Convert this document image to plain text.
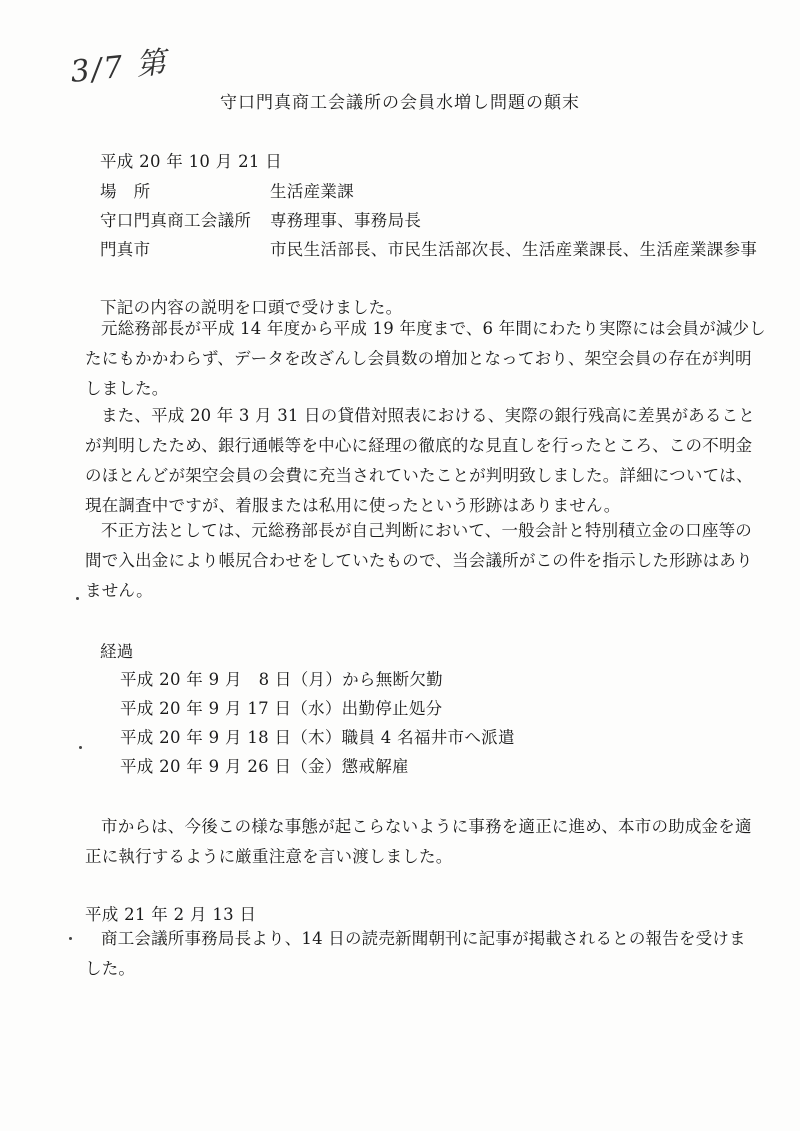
3/7 第
守口門真商工会議所の会員水増し問題の顛末
平成 20 年 10 月 21 日
場　所	生活産業課
守口門真商工会議所 専務理事、事務局長
門真市	市民生活部長、市民生活部次長、生活産業課長、生活産業課参事
下記の内容の説明を口頭で受けました。
元総務部長が平成 14 年度から平成 19 年度まで、6 年間にわたり実際には会員が減少し
たにもかかわらず、データを改ざんし会員数の増加となっており、架空会員の存在が判明
しました。
また、平成 20 年 3 月 31 日の貸借対照表における、実際の銀行残高に差異があること
が判明したため、銀行通帳等を中心に経理の徹底的な見直しを行ったところ、この不明金
のほとんどが架空会員の会費に充当されていたことが判明致しました。詳細については、
現在調査中ですが、着服または私用に使ったという形跡はありません。
不正方法としては、元総務部長が自己判断において、一般会計と特別積立金の口座等の
間で入出金により帳尻合わせをしていたもので、当会議所がこの件を指示した形跡はあり
ません。
経過
平成 20 年 9 月　8 日（月）から無断欠勤
平成 20 年 9 月 17 日（水）出勤停止処分
平成 20 年 9 月 18 日（木）職員 4 名福井市へ派遣
平成 20 年 9 月 26 日（金）懲戒解雇
市からは、今後この様な事態が起こらないように事務を適正に進め、本市の助成金を適
正に執行するように厳重注意を言い渡しました。
平成 21 年 2 月 13 日
商工会議所事務局長より、14 日の読売新聞朝刊に記事が掲載されるとの報告を受けま
した。
